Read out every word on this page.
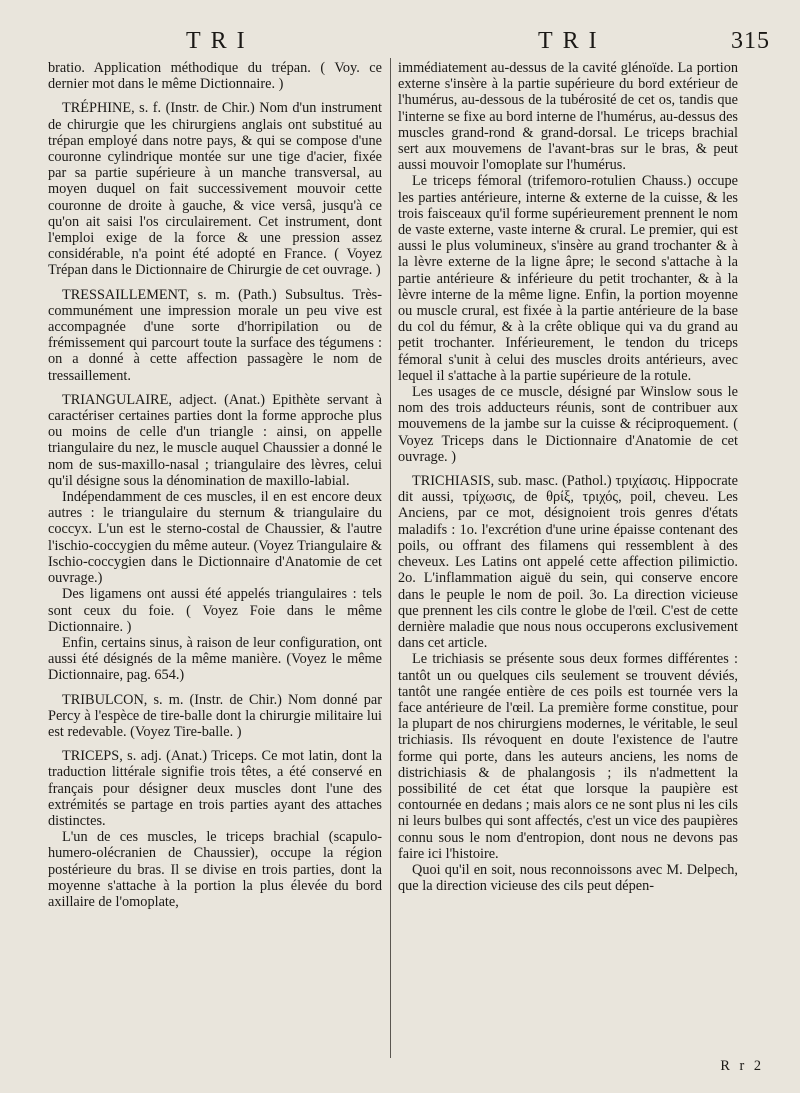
TRI	TRI	315

bratio. Application méthodique du trépan. ( Voy. ce dernier mot dans le même Dictionnaire. )

TRÉPHINE, s. f. (Instr. de Chir.) Nom d'un instrument de chirurgie que les chirurgiens anglais ont substitué au trépan employé dans notre pays, & qui se compose d'une couronne cylindrique montée sur une tige d'acier, fixée par sa partie supérieure à un manche transversal, au moyen duquel on fait successivement mouvoir cette couronne de droite à gauche, & vice versâ, jusqu'à ce qu'on ait saisi l'os circulairement. Cet instrument, dont l'emploi exige de la force & une pression assez considérable, n'a point été adopté en France. ( Voyez Trépan dans le Dictionnaire de Chirurgie de cet ouvrage. )

TRESSAILLEMENT, s. m. (Path.) Subsultus. Très-communément une impression morale un peu vive est accompagnée d'une sorte d'horripilation ou de frémissement qui parcourt toute la surface des tégumens : on a donné à cette affection passagère le nom de tressaillement.

TRIANGULAIRE, adject. (Anat.) Epithète servant à caractériser certaines parties dont la forme approche plus ou moins de celle d'un triangle : ainsi, on appelle triangulaire du nez, le muscle auquel Chaussier a donné le nom de sus-maxillo-nasal ; triangulaire des lèvres, celui qu'il désigne sous la dénomination de maxillo-labial.

Indépendamment de ces muscles, il en est encore deux autres : le triangulaire du sternum & triangulaire du coccyx. L'un est le sterno-costal de Chaussier, & l'autre l'ischio-coccygien du même auteur. (Voyez Triangulaire & Ischio-coccygien dans le Dictionnaire d'Anatomie de cet ouvrage.)

Des ligamens ont aussi été appelés triangulaires : tels sont ceux du foie. ( Voyez Foie dans le même Dictionnaire. )

Enfin, certains sinus, à raison de leur configuration, ont aussi été désignés de la même manière. (Voyez le même Dictionnaire, pag. 654.)

TRIBULCON, s. m. (Instr. de Chir.) Nom donné par Percy à l'espèce de tire-balle dont la chirurgie militaire lui est redevable. (Voyez Tire-balle. )

TRICEPS, s. adj. (Anat.) Triceps. Ce mot latin, dont la traduction littérale signifie trois têtes, a été conservé en français pour désigner deux muscles dont l'une des extrémités se partage en trois parties ayant des attaches distinctes.

L'un de ces muscles, le triceps brachial (scapulo-humero-olécranien de Chaussier), occupe la région postérieure du bras. Il se divise en trois parties, dont la moyenne s'attache à la portion la plus élevée du bord axillaire de l'omoplate,

immédiatement au-dessus de la cavité glénoïde. La portion externe s'insère à la partie supérieure du bord extérieur de l'humérus, au-dessous de la tubérosité de cet os, tandis que l'interne se fixe au bord interne de l'humérus, au-dessus des muscles grand-rond & grand-dorsal. Le triceps brachial sert aux mouvemens de l'avant-bras sur le bras, & peut aussi mouvoir l'omoplate sur l'humérus.

Le triceps fémoral (trifemoro-rotulien Chauss.) occupe les parties antérieure, interne & externe de la cuisse, & les trois faisceaux qu'il forme supérieurement prennent le nom de vaste externe, vaste interne & crural. Le premier, qui est aussi le plus volumineux, s'insère au grand trochanter & à la lèvre externe de la ligne âpre; le second s'attache à la partie antérieure & inférieure du petit trochanter, & à la lèvre interne de la même ligne. Enfin, la portion moyenne ou muscle crural, est fixée à la partie antérieure de la base du col du fémur, & à la crête oblique qui va du grand au petit trochanter. Inférieurement, le tendon du triceps fémoral s'unit à celui des muscles droits antérieurs, avec lequel il s'attache à la partie supérieure de la rotule.

Les usages de ce muscle, désigné par Winslow sous le nom des trois adducteurs réunis, sont de contribuer aux mouvemens de la jambe sur la cuisse & réciproquement. ( Voyez Triceps dans le Dictionnaire d'Anatomie de cet ouvrage. )

TRICHIASIS, sub. masc. (Pathol.) τριχίασις. Hippocrate dit aussi, τρίχωσις, de θρίξ, τριχός, poil, cheveu. Les Anciens, par ce mot, désignoient trois genres d'états maladifs : 1o. l'excrétion d'une urine épaisse contenant des poils, ou offrant des filamens qui ressemblent à des cheveux. Les Latins ont appelé cette affection pilimictio. 2o. L'inflammation aiguë du sein, qui conserve encore dans le peuple le nom de poil. 3o. La direction vicieuse que prennent les cils contre le globe de l'œil. C'est de cette dernière maladie que nous nous occuperons exclusivement dans cet article.

Le trichiasis se présente sous deux formes différentes : tantôt un ou quelques cils seulement se trouvent déviés, tantôt une rangée entière de ces poils est tournée vers la face antérieure de l'œil. La première forme constitue, pour la plupart de nos chirurgiens modernes, le véritable, le seul trichiasis. Ils révoquent en doute l'existence de l'autre forme qui porte, dans les auteurs anciens, les noms de districhiasis & de phalangosis ; ils n'admettent la possibilité de cet état que lorsque la paupière est contournée en dedans ; mais alors ce ne sont plus ni les cils ni leurs bulbes qui sont affectés, c'est un vice des paupières connu sous le nom d'entropion, dont nous ne devons pas faire ici l'histoire.

Quoi qu'il en soit, nous reconnoissons avec M. Delpech, que la direction vicieuse des cils peut dépen-

R r 2
